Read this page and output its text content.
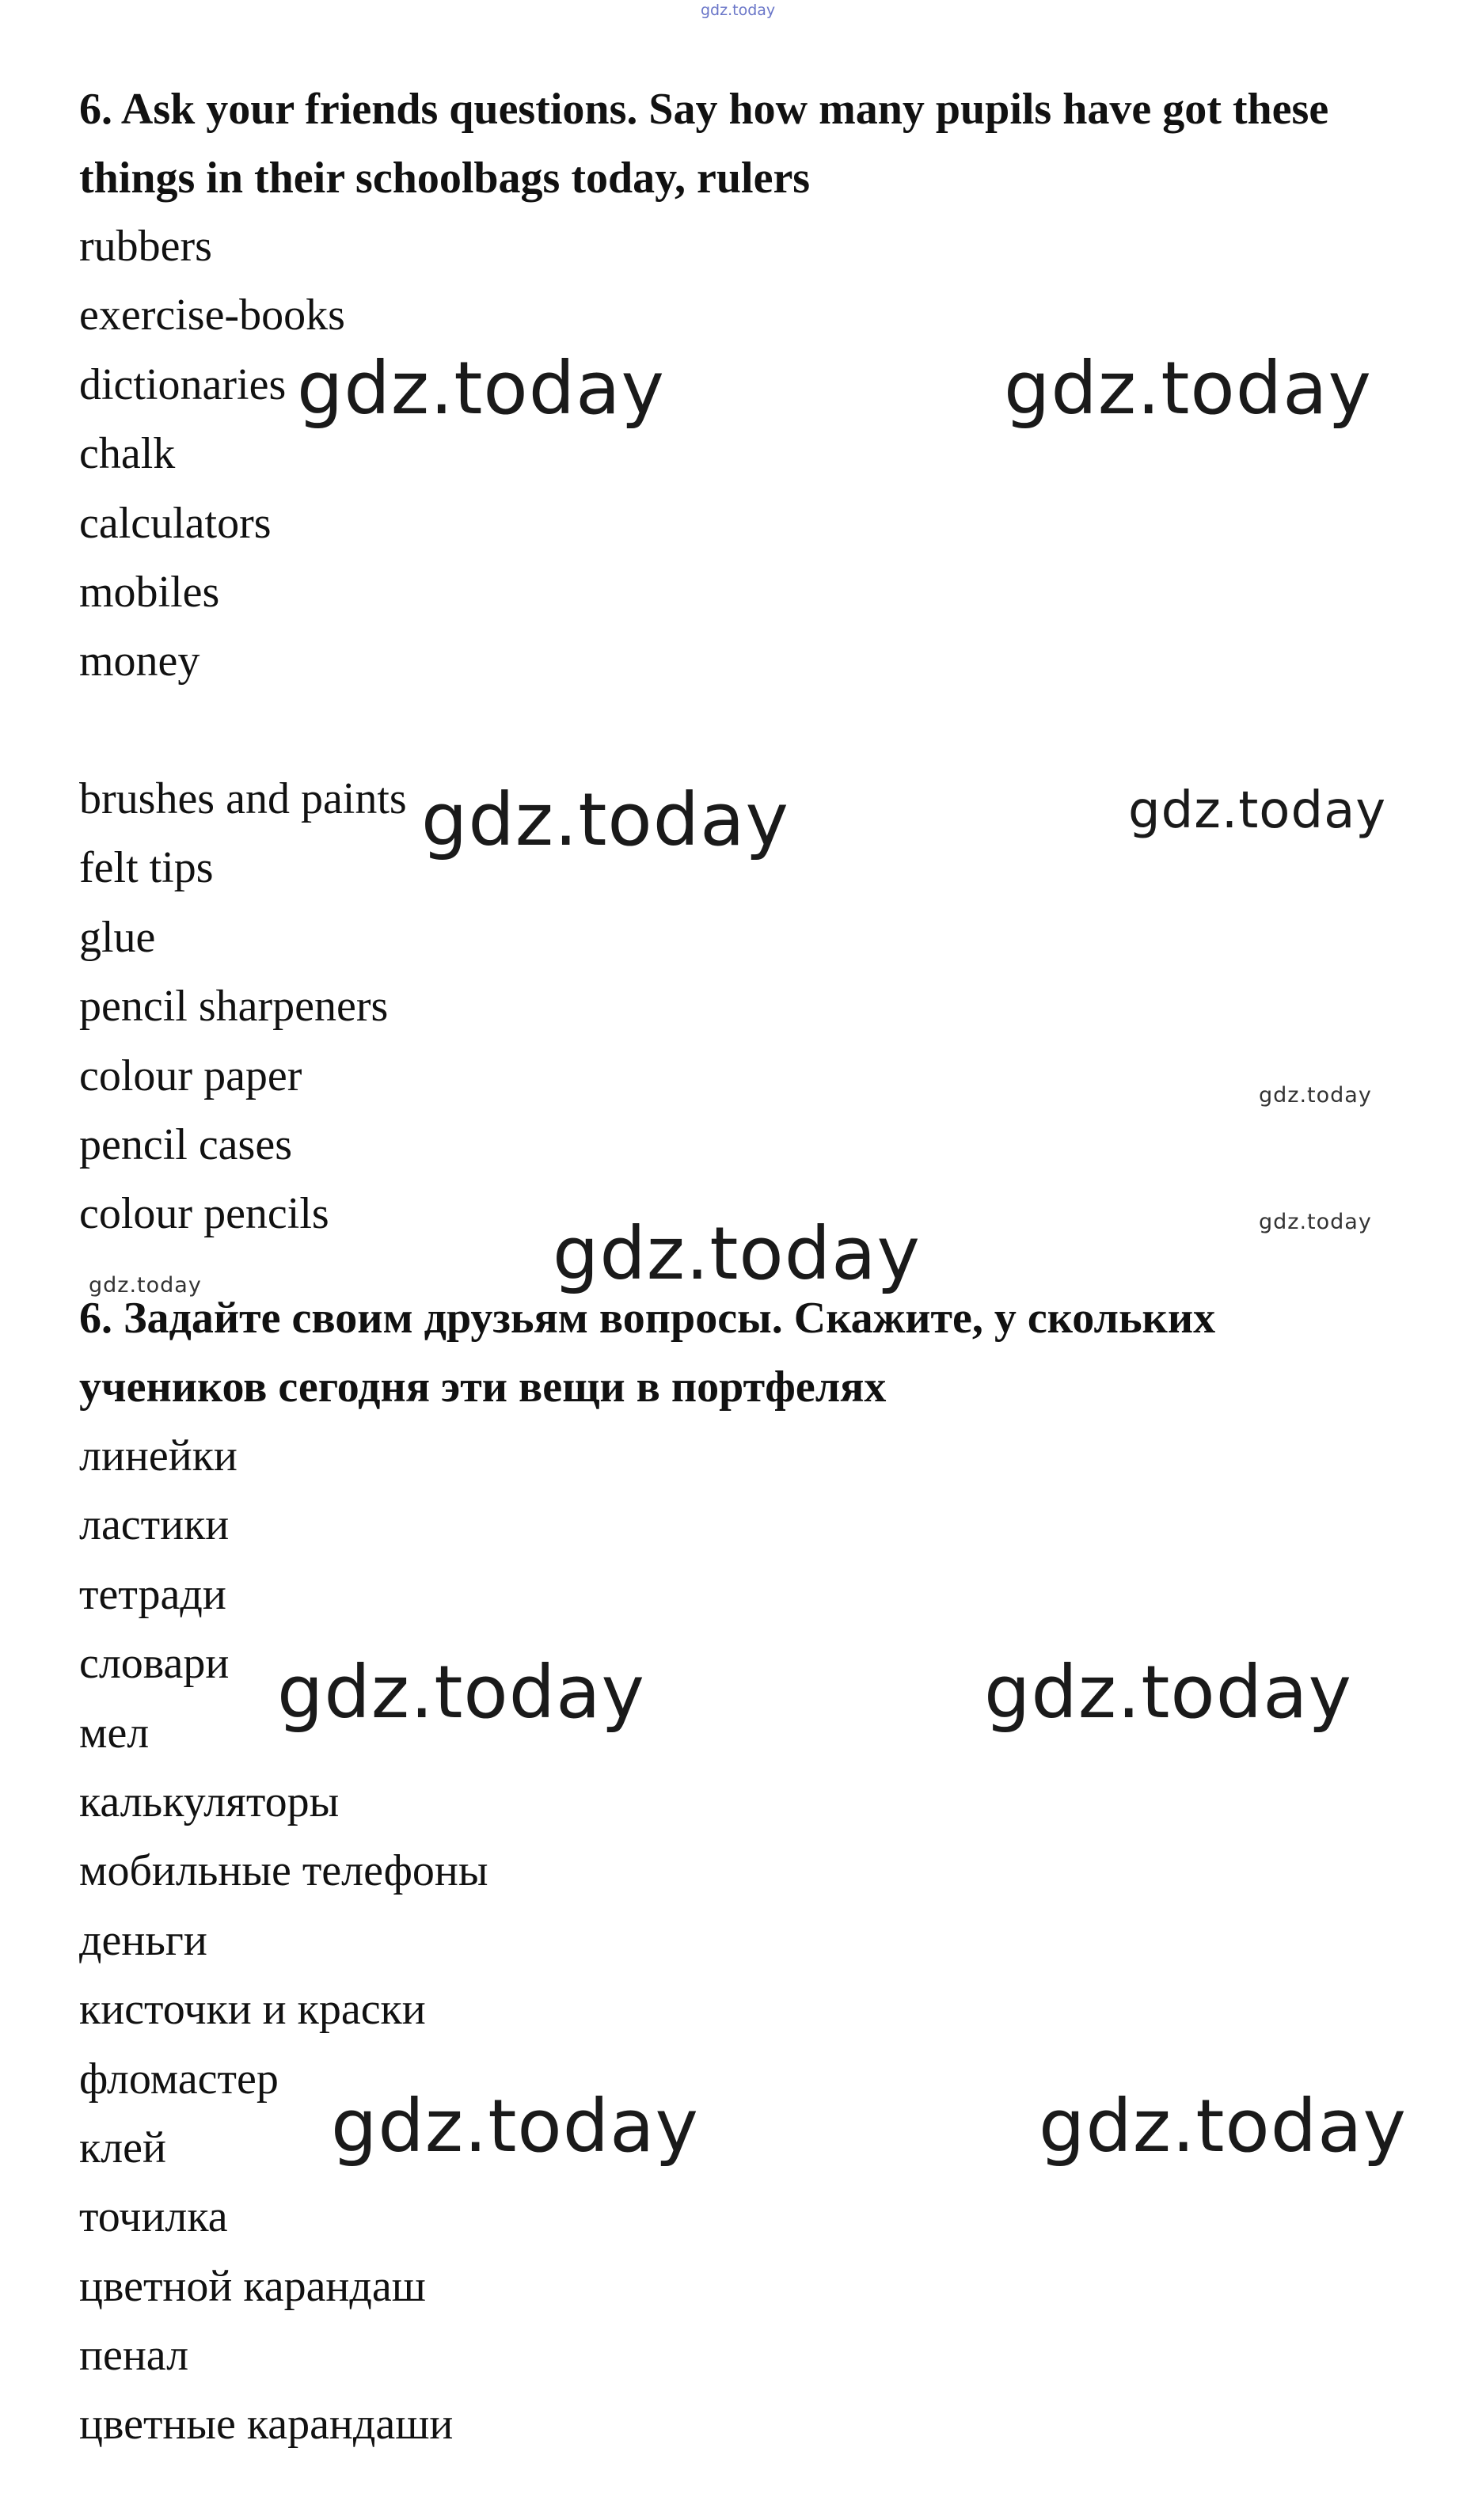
gdz.today
6. Ask your friends questions. Say how many pupils have got these things in their schoolbags today, rulers
rubbers
exercise-books
dictionaries
chalk
calculators
mobiles
money
brushes and paints
felt tips
glue
pencil sharpeners
colour paper
pencil cases
colour pencils
6. Задайте своим друзьям вопросы. Скажите, у скольких учеников сегодня эти вещи в портфелях
линейки
ластики
тетради
словари
мел
калькуляторы
мобильные телефоны
деньги
кисточки и краски
фломастер
клей
точилка
цветной карандаш
пенал
цветные карандаши
gdz.today	gdz.today
gdz.today	gdz.today
gdz.today
gdz.today
gdz.today
gdz.today
gdz.today	gdz.today
gdz.today	gdz.today
